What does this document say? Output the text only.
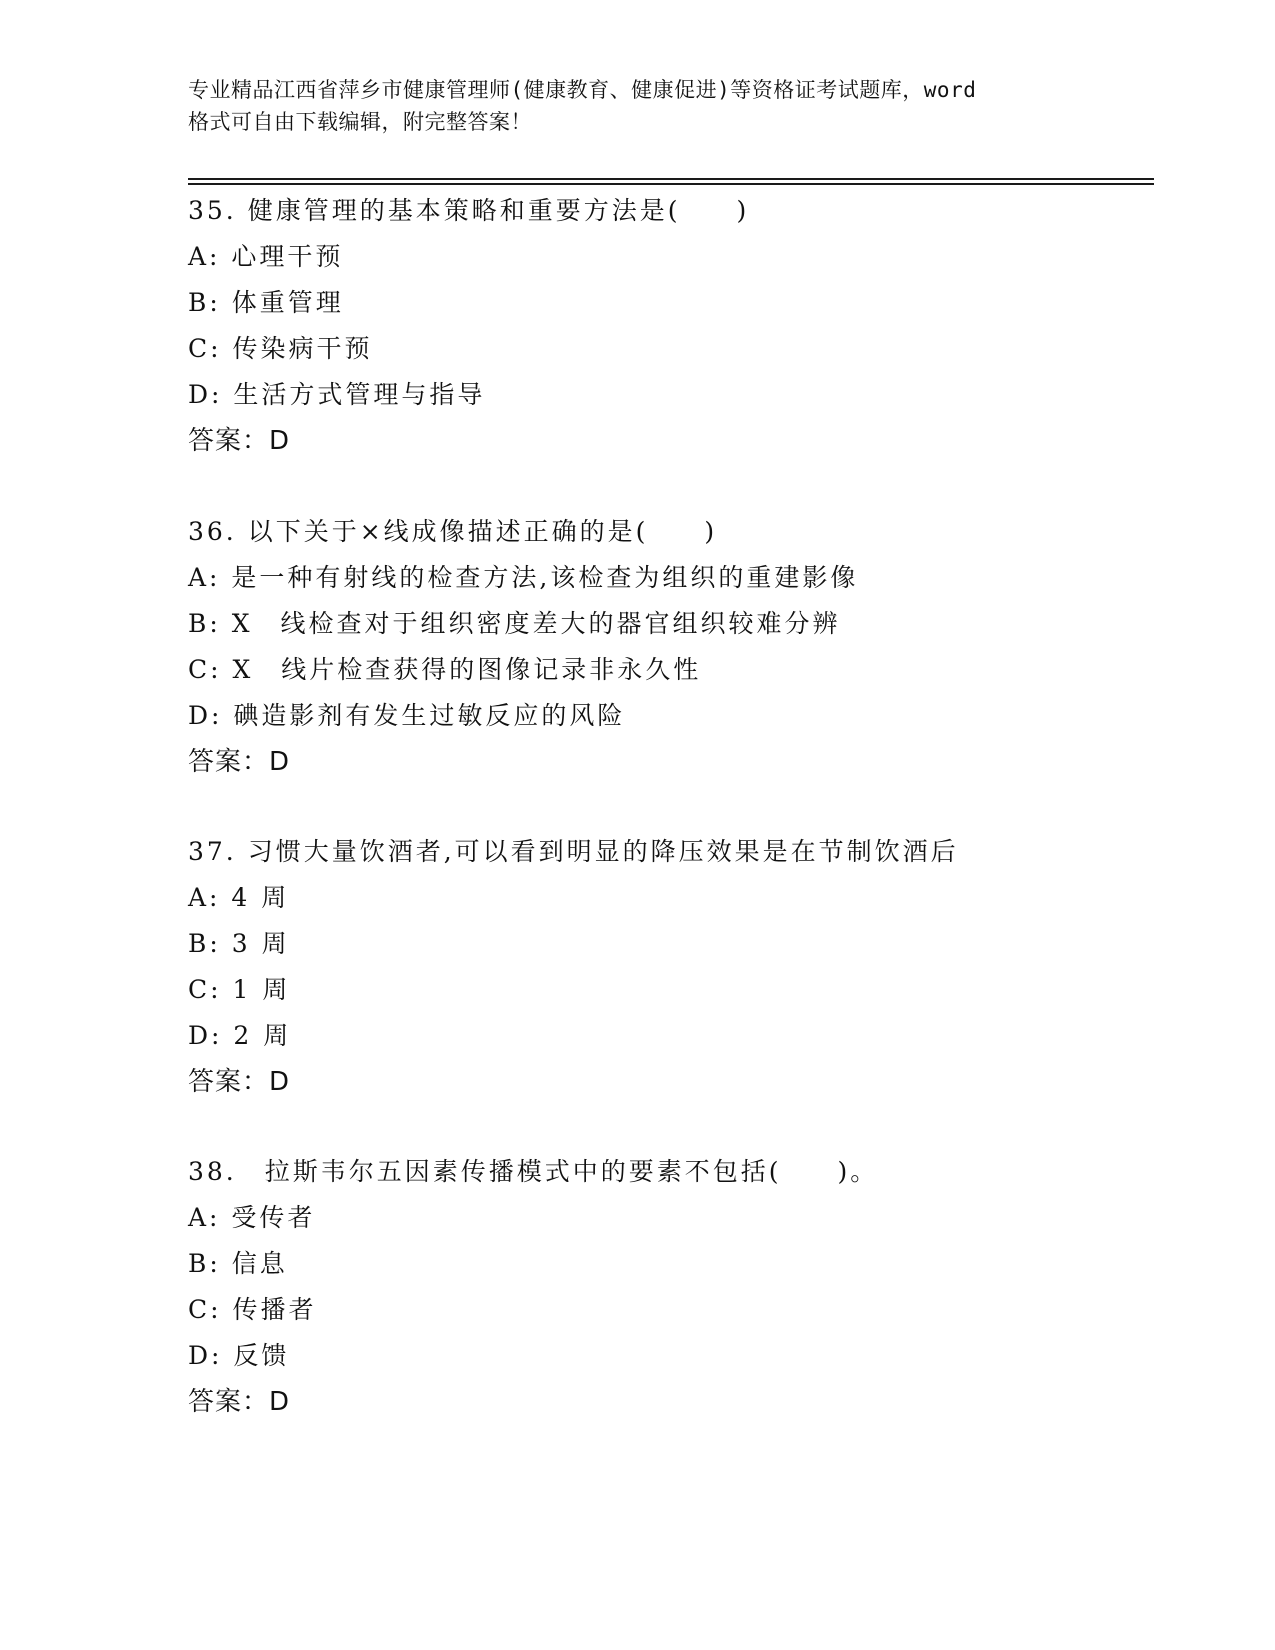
专业精品江西省萍乡市健康管理师(健康教育、健康促进)等资格证考试题库，word
格式可自由下载编辑，附完整答案！
35. 健康管理的基本策略和重要方法是(　　)
A: 心理干预
B: 体重管理
C: 传染病干预
D: 生活方式管理与指导
答案：D
36. 以下关于×线成像描述正确的是(　　)
A: 是一种有射线的检查方法,该检查为组织的重建影像
B: X　线检查对于组织密度差大的器官组织较难分辨
C: X　线片检查获得的图像记录非永久性
D: 碘造影剂有发生过敏反应的风险
答案：D
37. 习惯大量饮酒者,可以看到明显的降压效果是在节制饮酒后
A: 4 周
B: 3 周
C: 1 周
D: 2 周
答案：D
38.　拉斯韦尔五因素传播模式中的要素不包括(　　)。
A: 受传者
B: 信息
C: 传播者
D: 反馈
答案：D
